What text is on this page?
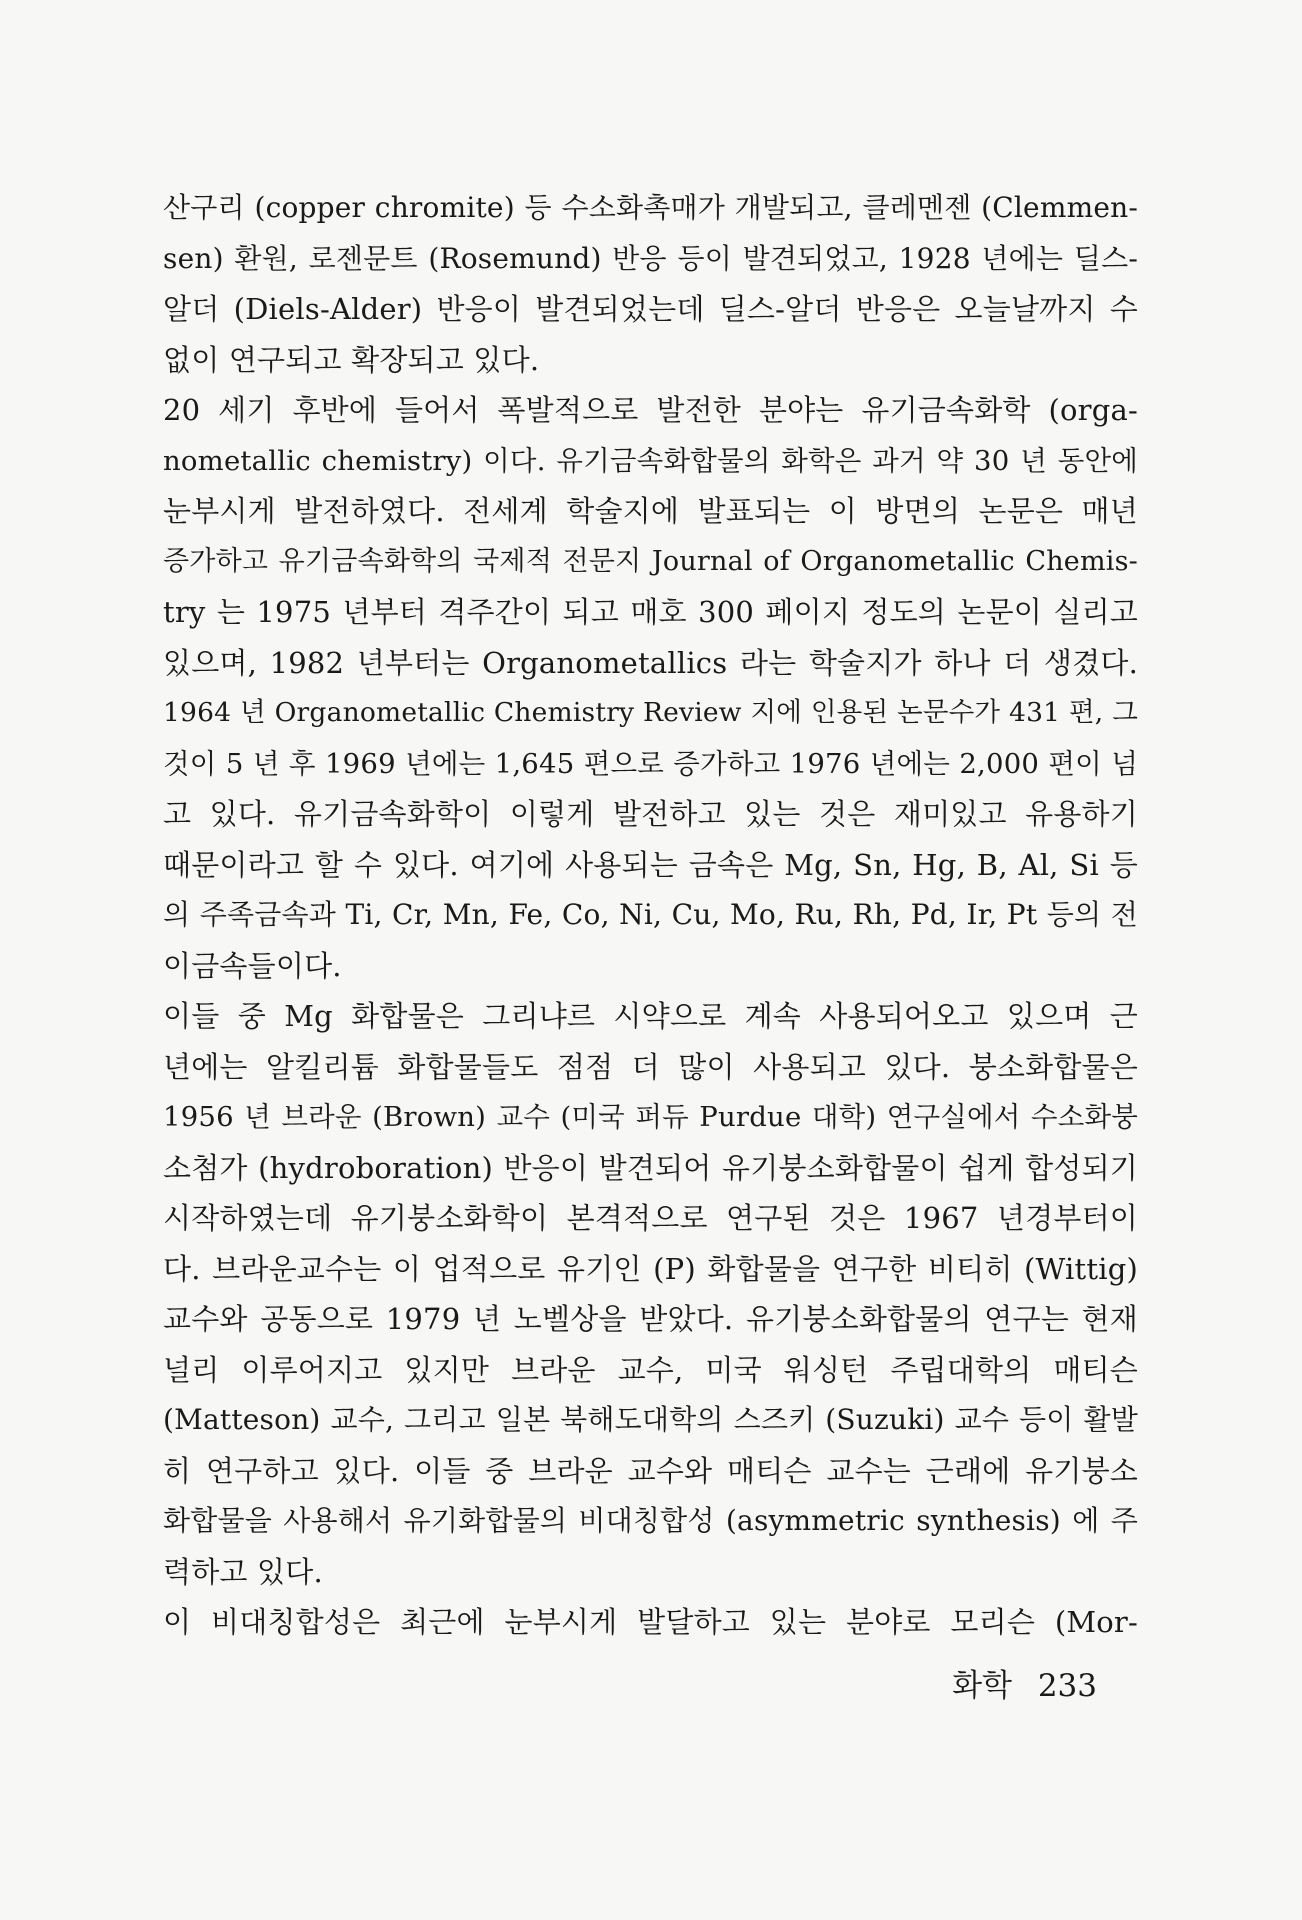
산구리 (copper chromite) 등 수소화촉매가 개발되고, 클레멘젠 (Clemmen-
sen) 환원, 로젠문트 (Rosemund) 반응 등이 발견되었고, 1928 년에는 딜스-
알더 (Diels-Alder) 반응이 발견되었는데 딜스-알더 반응은 오늘날까지 수
없이 연구되고 확장되고 있다.
20 세기 후반에 들어서 폭발적으로 발전한 분야는 유기금속화학 (orga-
nometallic chemistry) 이다. 유기금속화합물의 화학은 과거 약 30 년 동안에
눈부시게 발전하였다. 전세계 학술지에 발표되는 이 방면의 논문은 매년
증가하고 유기금속화학의 국제적 전문지 Journal of Organometallic Chemis-
try 는 1975 년부터 격주간이 되고 매호 300 페이지 정도의 논문이 실리고
있으며, 1982 년부터는 Organometallics 라는 학술지가 하나 더 생겼다.
1964 년 Organometallic Chemistry Review 지에 인용된 논문수가 431 편, 그
것이 5 년 후 1969 년에는 1,645 편으로 증가하고 1976 년에는 2,000 편이 넘
고 있다. 유기금속화학이 이렇게 발전하고 있는 것은 재미있고 유용하기
때문이라고 할 수 있다. 여기에 사용되는 금속은 Mg, Sn, Hg, B, Al, Si 등
의 주족금속과 Ti, Cr, Mn, Fe, Co, Ni, Cu, Mo, Ru, Rh, Pd, Ir, Pt 등의 전
이금속들이다.
이들 중 Mg 화합물은 그리냐르 시약으로 계속 사용되어오고 있으며 근
년에는 알킬리튬 화합물들도 점점 더 많이 사용되고 있다. 붕소화합물은
1956 년 브라운 (Brown) 교수 (미국 퍼듀 Purdue 대학) 연구실에서 수소화붕
소첨가 (hydroboration) 반응이 발견되어 유기붕소화합물이 쉽게 합성되기
시작하였는데 유기붕소화학이 본격적으로 연구된 것은 1967 년경부터이
다. 브라운교수는 이 업적으로 유기인 (P) 화합물을 연구한 비티히 (Wittig)
교수와 공동으로 1979 년 노벨상을 받았다. 유기붕소화합물의 연구는 현재
널리 이루어지고 있지만 브라운 교수, 미국 워싱턴 주립대학의 매티슨
(Matteson) 교수, 그리고 일본 북해도대학의 스즈키 (Suzuki) 교수 등이 활발
히 연구하고 있다. 이들 중 브라운 교수와 매티슨 교수는 근래에 유기붕소
화합물을 사용해서 유기화합물의 비대칭합성 (asymmetric synthesis) 에 주
력하고 있다.
이 비대칭합성은 최근에 눈부시게 발달하고 있는 분야로 모리슨 (Mor-
화학 233
